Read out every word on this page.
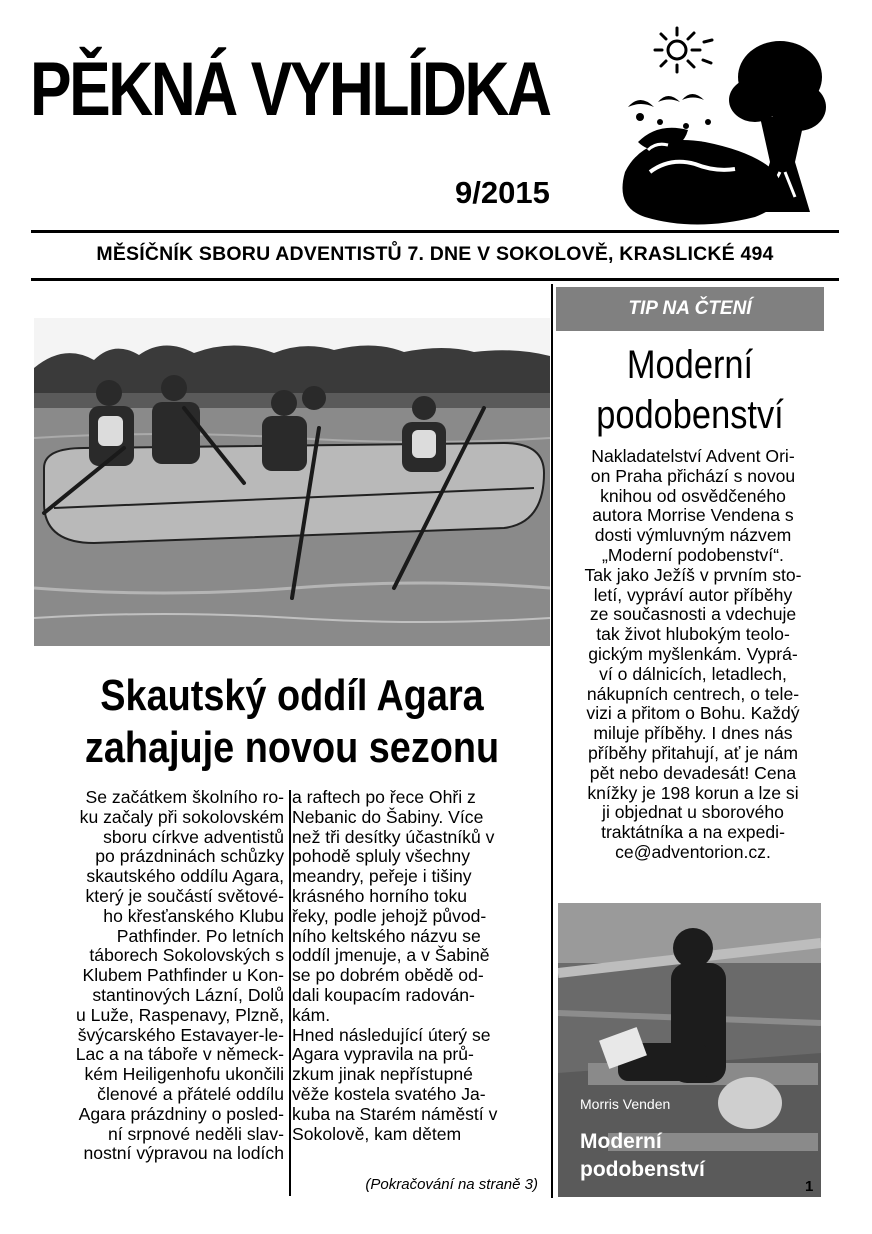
PĚKNÁ VYHLÍDKA
9/2015
MĚSÍČNÍK SBORU ADVENTISTŮ 7. DNE V SOKOLOVĚ, KRASLICKÉ 494
Skautský oddíl Agara
zahajuje novou sezonu
Se začátkem školního ro-
ku začaly při sokolovském
sboru církve adventistů
po prázdninách schůzky
skautského oddílu Agara,
který je součástí světové-
ho křesťanského Klubu
Pathfinder. Po letních
táborech Sokolovských s
Klubem Pathfinder u Kon-
stantinových Lázní, Dolů
u Luže, Raspenavy, Plzně,
švýcarského Estavayer-le-
Lac a na táboře v německ-
kém Heiligenhofu ukončili
členové a přátelé oddílu
Agara prázdniny o posled-
ní srpnové neděli slav-
nostní výpravou na lodích
a raftech po řece Ohři z
Nebanic do Šabiny. Více
než tři desítky účastníků v
pohodě spluly všechny
meandry, peřeje i tišiny
krásného horního toku
řeky, podle jehojž původ-
ního keltského názvu se
oddíl jmenuje, a v Šabině
se po dobrém obědě od-
dali koupacím radován-
kám.
Hned následující úterý se
Agara vypravila na prů-
zkum jinak nepřístupné
věže kostela svatého Ja-
kuba na Starém náměstí v
Sokolově, kam dětem
(Pokračování na straně 3)
TIP NA ČTENÍ
Moderní
podobenství
Nakladatelství Advent Ori-
on Praha přichází s novou
knihou od osvědčeného
autora Morrise Vendena s
dosti výmluvným názvem
„Moderní podobenství“.
Tak jako Ježíš v prvním sto-
letí, vypráví autor příběhy
ze současnosti a vdechuje
tak život hlubokým teolo-
gickým myšlenkám. Vyprá-
ví o dálnicích, letadlech,
nákupních centrech, o tele-
vizi a přitom o Bohu. Každý
miluje příběhy. I dnes nás
příběhy přitahují, ať je nám
pět nebo devadesát! Cena
knížky je 198 korun a lze si
ji objednat u sborového
traktátníka a na expedi-
ce@adventorion.cz.
Morris Venden
Moderní
podobenství
1
